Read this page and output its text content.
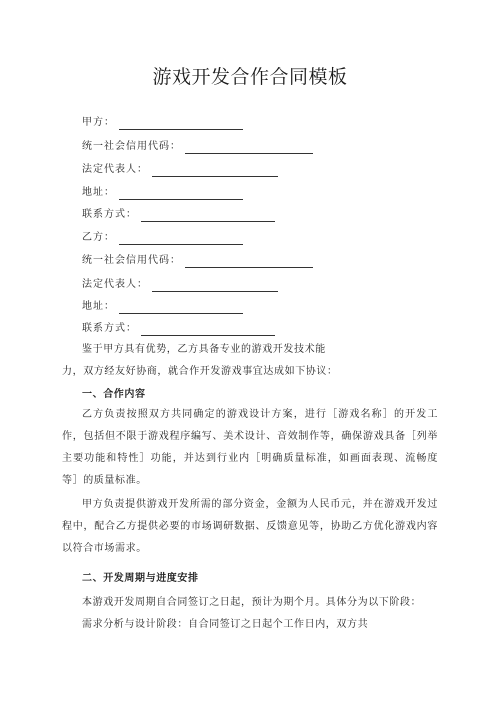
游戏开发合作合同模板
甲方：
统一社会信用代码：
法定代表人：
地址：
联系方式：
乙方：
统一社会信用代码：
法定代表人：
地址：
联系方式：
鉴于甲方具有优势，乙方具备专业的游戏开发技术能
力，双方经友好协商，就合作开发游戏事宜达成如下协议：
一、合作内容
乙方负责按照双方共同确定的游戏设计方案，进行［游戏名称］的开发工作，包括但不限于游戏程序编写、美术设计、音效制作等，确保游戏具备［列举主要功能和特性］功能，并达到行业内［明确质量标准，如画面表现、流畅度等］的质量标准。
甲方负责提供游戏开发所需的部分资金，金额为人民币元，并在游戏开发过程中，配合乙方提供必要的市场调研数据、反馈意见等，协助乙方优化游戏内容以符合市场需求。
二、开发周期与进度安排
本游戏开发周期自合同签订之日起，预计为期个月。具体分为以下阶段：
需求分析与设计阶段：自合同签订之日起个工作日内，双方共
